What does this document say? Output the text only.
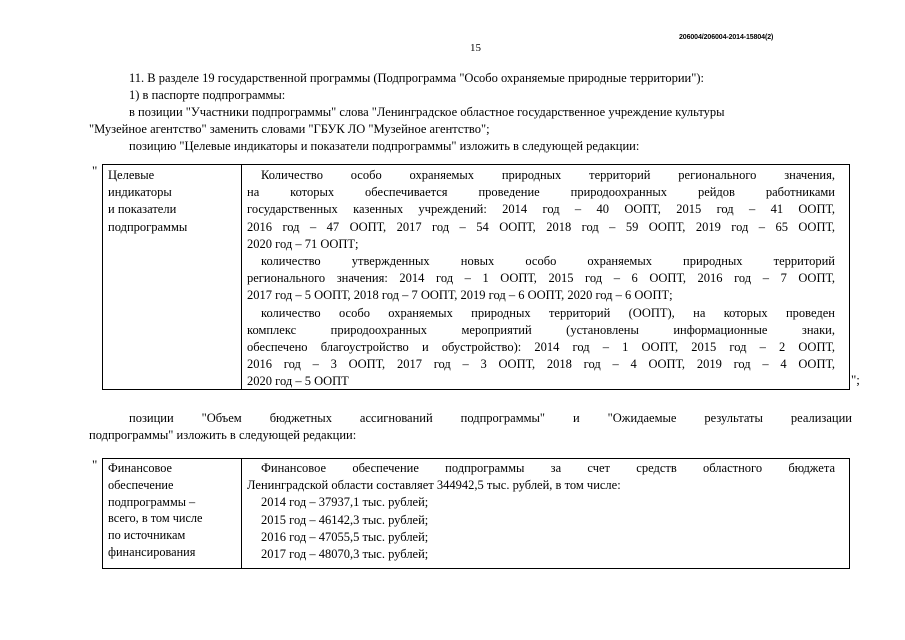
206004/206004-2014-15804(2)
15
11. В разделе 19 государственной программы (Подпрограмма "Особо охраняемые природные территории"):
1) в паспорте подпрограммы:
в позиции "Участники подпрограммы" слова "Ленинградское областное государственное учреждение культуры
"Музейное агентство" заменить словами "ГБУК ЛО "Музейное агентство";
позицию "Целевые индикаторы и показатели подпрограммы" изложить в следующей редакции:
" Целевые
индикаторы
и показатели
подпрограммы
Количество особо охраняемых природных территорий регионального значения,
на которых обеспечивается проведение природоохранных рейдов работниками
государственных казенных учреждений: 2014 год – 40 ООПТ, 2015 год – 41 ООПТ,
2016 год – 47 ООПТ, 2017 год – 54 ООПТ, 2018 год – 59 ООПТ, 2019 год – 65 ООПТ,
2020 год – 71 ООПТ;
количество утвержденных новых особо охраняемых природных территорий
регионального значения: 2014 год – 1 ООПТ, 2015 год – 6 ООПТ, 2016 год – 7 ООПТ,
2017 год – 5 ООПТ, 2018 год – 7 ООПТ, 2019 год – 6 ООПТ, 2020 год – 6 ООПТ;
количество особо охраняемых природных территорий (ООПТ), на которых проведен
комплекс природоохранных мероприятий (установлены информационные знаки,
обеспечено благоустройство и обустройство): 2014 год – 1 ООПТ, 2015 год – 2 ООПТ,
2016 год – 3 ООПТ, 2017 год – 3 ООПТ, 2018 год – 4 ООПТ, 2019 год – 4 ООПТ,
2020 год – 5 ООПТ	";
позиции "Объем бюджетных ассигнований подпрограммы" и "Ожидаемые результаты реализации
подпрограммы" изложить в следующей редакции:
" Финансовое
обеспечение
подпрограммы –
всего, в том числе
по источникам
финансирования
Финансовое обеспечение подпрограммы за счет средств областного бюджета
Ленинградской области составляет 344942,5 тыс. рублей, в том числе:
2014 год – 37937,1 тыс. рублей;
2015 год – 46142,3 тыс. рублей;
2016 год – 47055,5 тыс. рублей;
2017 год – 48070,3 тыс. рублей;
